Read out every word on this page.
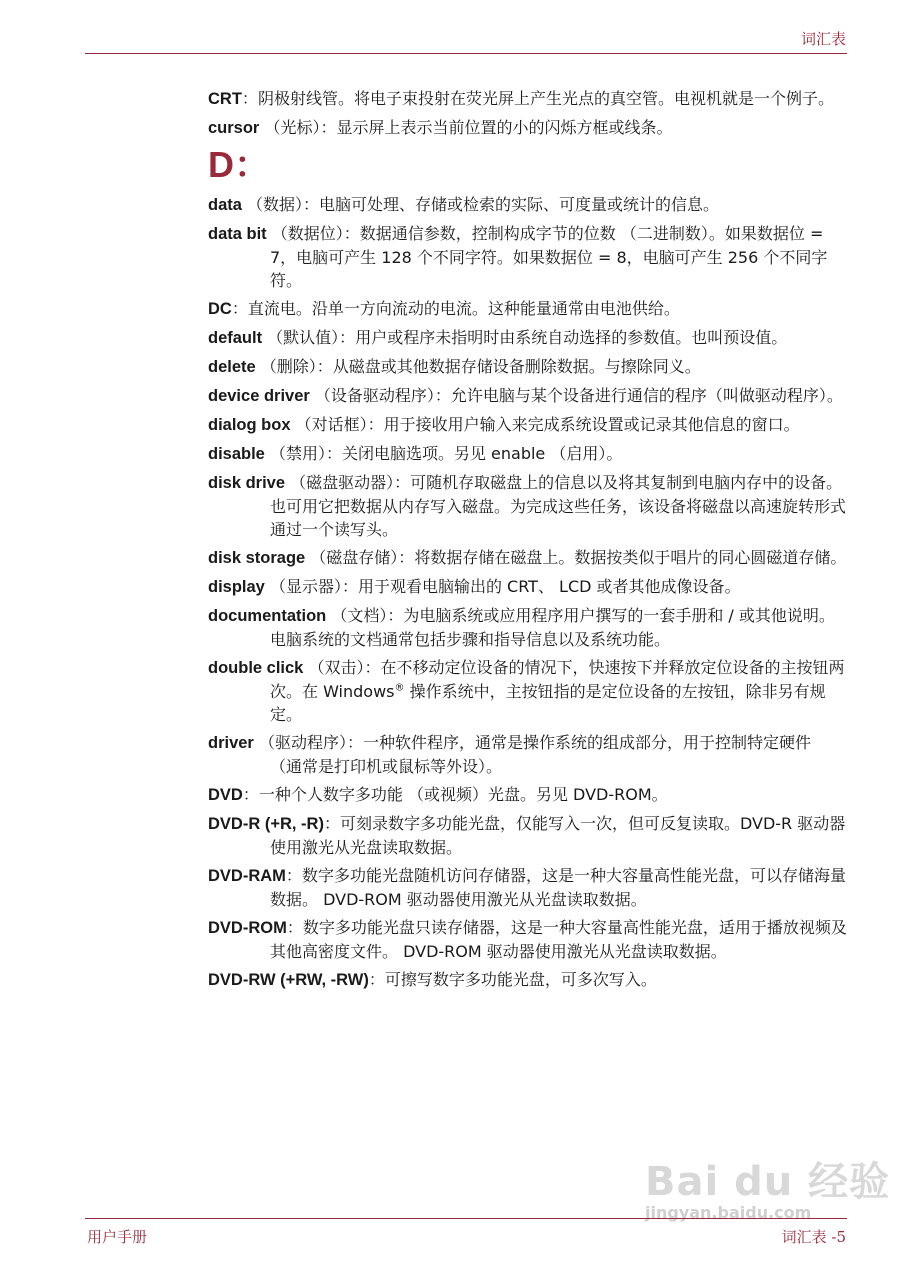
词汇表
CRT：阴极射线管。将电子束投射在荧光屏上产生光点的真空管。电视机就是一个例子。
cursor （光标）：显示屏上表示当前位置的小的闪烁方框或线条。
D：
data （数据）：电脑可处理、存储或检索的实际、可度量或统计的信息。
data bit （数据位）：数据通信参数，控制构成字节的位数 （二进制数）。如果数据位 = 7，电脑可产生 128 个不同字符。如果数据位 = 8，电脑可产生 256 个不同字符。
DC：直流电。沿单一方向流动的电流。这种能量通常由电池供给。
default （默认值）：用户或程序未指明时由系统自动选择的参数值。也叫预设值。
delete （删除）：从磁盘或其他数据存储设备删除数据。与擦除同义。
device driver （设备驱动程序）：允许电脑与某个设备进行通信的程序（叫做驱动程序）。
dialog box （对话框）：用于接收用户输入来完成系统设置或记录其他信息的窗口。
disable （禁用）：关闭电脑选项。另见 enable （启用）。
disk drive （磁盘驱动器）：可随机存取磁盘上的信息以及将其复制到电脑内存中的设备。也可用它把数据从内存写入磁盘。为完成这些任务，该设备将磁盘以高速旋转形式通过一个读写头。
disk storage （磁盘存储）：将数据存储在磁盘上。数据按类似于唱片的同心圆磁道存储。
display （显示器）：用于观看电脑输出的 CRT、 LCD 或者其他成像设备。
documentation （文档）：为电脑系统或应用程序用户撰写的一套手册和 / 或其他说明。电脑系统的文档通常包括步骤和指导信息以及系统功能。
double click （双击）：在不移动定位设备的情况下，快速按下并释放定位设备的主按钮两次。在 Windows® 操作系统中，主按钮指的是定位设备的左按钮，除非另有规定。
driver （驱动程序）：一种软件程序，通常是操作系统的组成部分，用于控制特定硬件 （通常是打印机或鼠标等外设）。
DVD：一种个人数字多功能 （或视频）光盘。另见 DVD-ROM。
DVD-R (+R, -R)：可刻录数字多功能光盘，仅能写入一次，但可反复读取。DVD-R 驱动器使用激光从光盘读取数据。
DVD-RAM：数字多功能光盘随机访问存储器，这是一种大容量高性能光盘，可以存储海量数据。 DVD-ROM 驱动器使用激光从光盘读取数据。
DVD-ROM：数字多功能光盘只读存储器，这是一种大容量高性能光盘，适用于播放视频及其他高密度文件。 DVD-ROM 驱动器使用激光从光盘读取数据。
DVD-RW (+RW, -RW)：可擦写数字多功能光盘，可多次写入。
Bai du 经验
jingyan.baidu.com
用户手册	词汇表 -5
